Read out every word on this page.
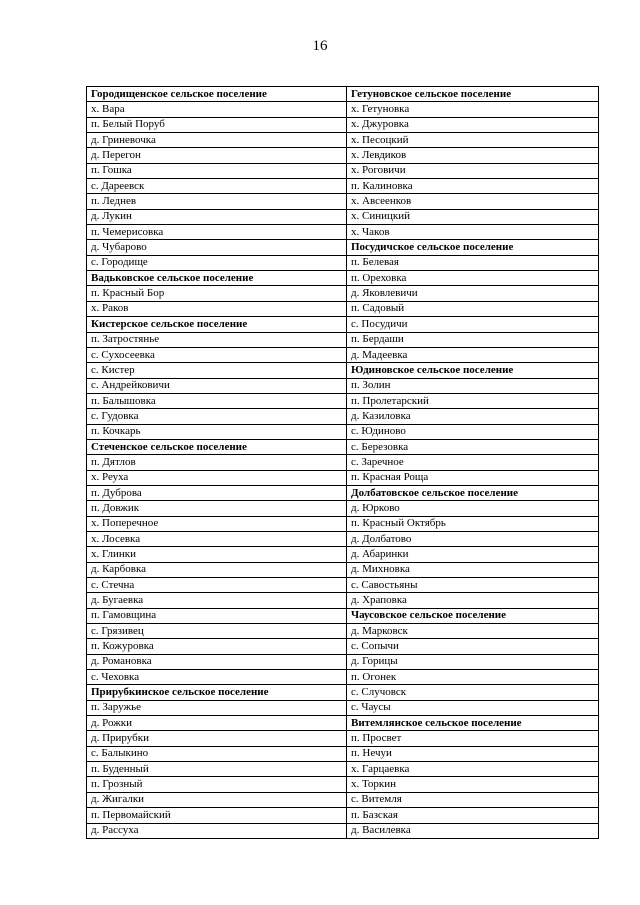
16
Городищенское сельское поселение	Гетуновское сельское поселение
х. Вара	х. Гетуновка
п. Белый Поруб	х. Джуровка
д. Гриневочка	х. Песоцкий
д. Перегон	х. Левдиков
п. Гошка	х. Роговичи
с. Дареевск	п. Калиновка
п. Леднев	х. Авсеенков
д. Лукин	х. Синицкий
п. Чемерисовка	х. Чаков
д. Чубарово	Посудичское сельское поселение
с. Городище	п. Белевая
Вадьковское сельское поселение	п. Ореховка
п. Красный Бор	д. Яковлевичи
х. Раков	п. Садовый
Кистерское сельское поселение	с. Посудичи
п. Затростянье	п. Бердаши
с. Сухосеевка	д. Мадеевка
с. Кистер	Юдиновское сельское поселение
с. Андрейковичи	п. Золин
п. Балышовка	п. Пролетарский
с. Гудовка	д. Казиловка
п. Кочкарь	с. Юдиново
Стеченское сельское поселение	с. Березовка
п. Дятлов	с. Заречное
х. Реуха	п. Красная Роща
п. Дуброва	Долбатовское сельское поселение
п. Довжик	д. Юрково
х. Поперечное	п. Красный Октябрь
х. Лосевка	д. Долбатово
х. Глинки	д. Абаринки
д. Карбовка	д. Михновка
с. Стечна	с. Савостьяны
д. Бугаевка	д. Храповка
п. Гамовщина	Чаусовское сельское поселение
с. Грязивец	д. Марковск
п. Кожуровка	с. Сопычи
д. Романовка	д. Горицы
с. Чеховка	п. Огонек
Прирубкинское сельское поселение	с. Случовск
п. Заружье	с. Чаусы
д. Рожки	Витемлянское сельское поселение
д. Прирубки	п. Просвет
с. Балыкино	п. Нечуи
п. Буденный	х. Гарцаевка
п. Грозный	х. Торкин
д. Жигалки	с. Витемля
п. Первомайский	п. Базская
д. Рассуха	д. Василевка
